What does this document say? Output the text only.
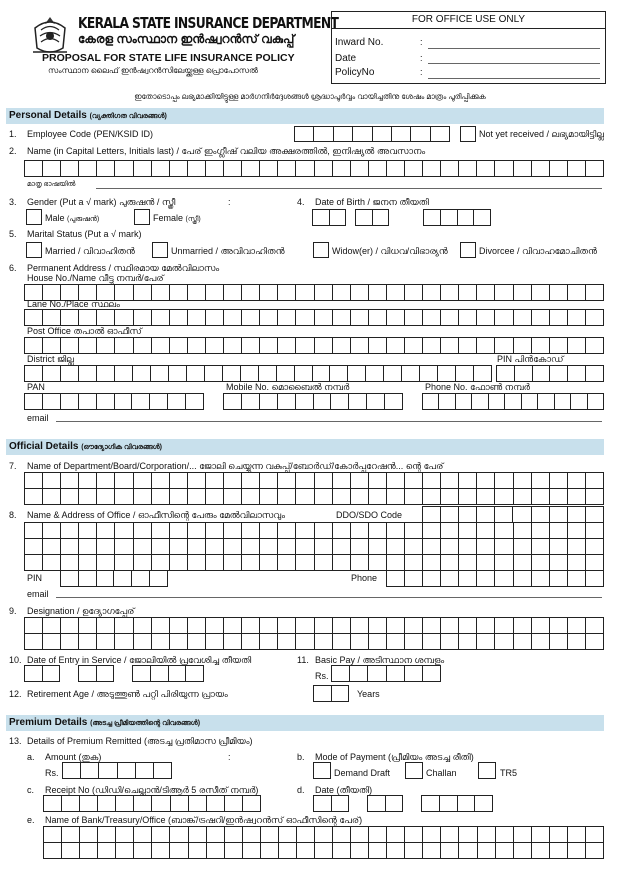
KERALA STATE INSURANCE DEPARTMENT
കേരള സംസ്ഥാന ഇൻഷ്വറൻസ് വകുപ്പ്
PROPOSAL FOR STATE LIFE INSURANCE POLICY
സംസ്ഥാന ലൈഫ് ഇൻഷ്വറൻസിലേയ്ക്കുള്ള പ്രൊപോസൽ
FOR OFFICE USE ONLY
Inward No.	:
Date	:
PolicyNo	:
ഇതോടൊപ്പം ലഭ്യമാക്കിയിട്ടുള്ള മാർഗനിർദ്ദേശങ്ങൾ ശ്രദ്ധാപൂർവ്വം വായിച്ചതിനു ശേഷം മാത്രം പൂരിപ്പിക്കുക
Personal Details (വ്യക്തിഗത വിവരങ്ങൾ)
1. Employee Code (PEN/KSID ID)	Not yet received / ലഭ്യമായിട്ടില്ല
2. Name (in Capital Letters, Initials last) / പേര് ഇംഗ്ലീഷ് വലിയ അക്ഷരത്തിൽ, ഇനിഷ്യൽ അവസാനം
മാതൃ ഭാഷയിൽ
3. Gender (Put a √ mark) പുരുഷൻ / സ്ത്രീ	:
Male (പുരുഷൻ)	Female (സ്ത്രീ)
4. Date of Birth / ജനന തീയതി
5. Marital Status (Put a √ mark)
Married / വിവാഹിതൻ	Unmarried / അവിവാഹിതൻ	Widow(er) / വിധവ/വിഭാര്യൻ	Divorcee / വിവാഹമോചിതൻ
6. Permanent Address / സ്ഥിരമായ മേൽവിലാസം
House No./Name വീട്ടു നമ്പർ/പേര്
Lane No./Place സ്ഥലം
Post Office തപാൽ ഓഫീസ്
District ജില്ല	PIN പിൻകോഡ്
PAN	Mobile No. മൊബൈൽ നമ്പർ	Phone No. ഫോൺ നമ്പർ
email
Official Details (ഔദ്യോഗിക വിവരങ്ങൾ)
7. Name of Department/Board/Corporation/... ജോലി ചെയ്യുന്ന വകുപ്പ്/ബോർഡ്/കോർപ്പറേഷൻ... ന്റെ പേര്
8. Name & Address of Office / ഓഫീസിന്റെ പേരും മേൽവിലാസവും	DDO/SDO Code
PIN	Phone
email
9. Designation / ഉദ്യോഗപ്പേര്
10. Date of Entry in Service / ജോലിയിൽ പ്രവേശിച്ച തീയതി	11. Basic Pay / അടിസ്ഥാന ശമ്പളം
Rs.
12. Retirement Age / അടുത്തുൺ പറ്റി പിരിയുന്ന പ്രായം	Years
Premium Details (അടച്ച പ്രീമിയത്തിന്റെ വിവരങ്ങൾ)
13. Details of Premium Remitted (അടച്ച പ്രതിമാസ പ്രീമിയം)
a. Amount (തുക)	:
Rs.
b. Mode of Payment (പ്രീമിയം അടച്ച രീതി)
Demand Draft	Challan	TR5
c. Receipt No (ഡിഡി/ചെല്ലാൻ/ടിആർ 5 രസീത് നമ്പർ)	d. Date (തീയതി)
e. Name of Bank/Treasury/Office (ബാങ്ക്/ട്രഷറി/ഇൻഷ്വറൻസ് ഓഫീസിന്റെ പേര്)
